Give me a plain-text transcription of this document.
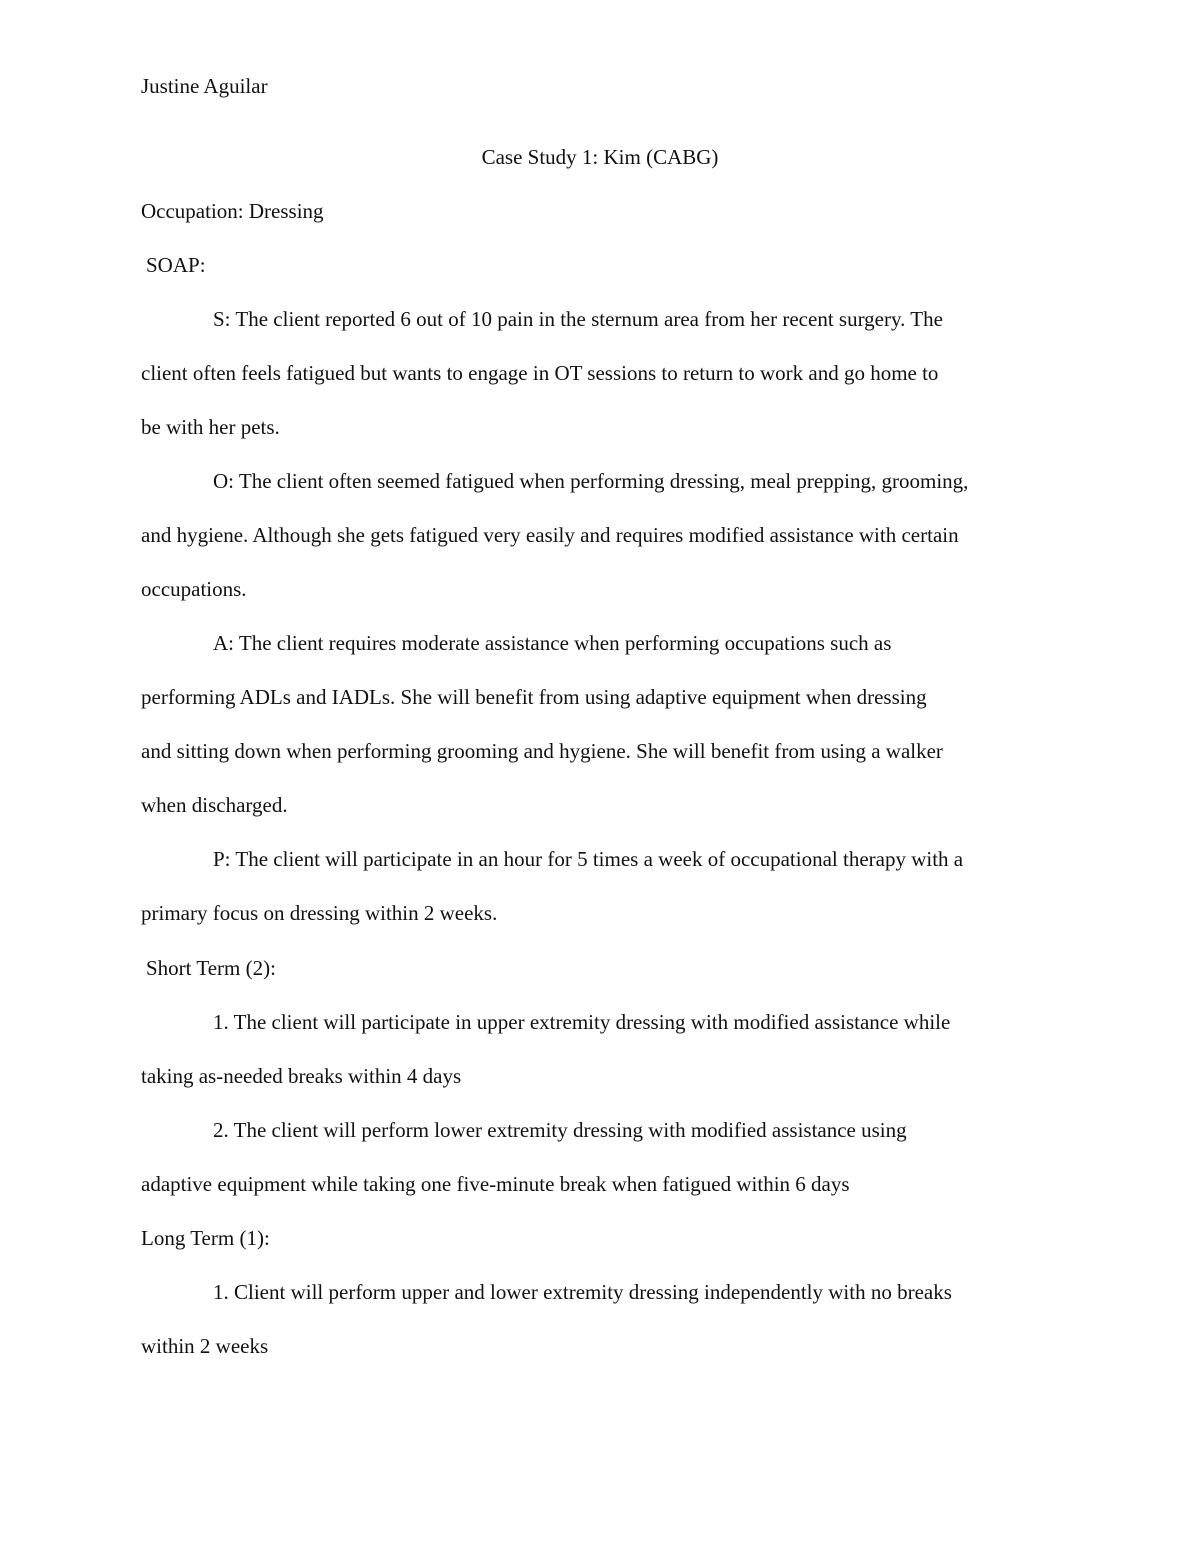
Justine Aguilar
Case Study 1: Kim (CABG)
Occupation: Dressing
SOAP:
S: The client reported 6 out of 10 pain in the sternum area from her recent surgery. The
client often feels fatigued but wants to engage in OT sessions to return to work and go home to
be with her pets.
O: The client often seemed fatigued when performing dressing, meal prepping, grooming,
and hygiene. Although she gets fatigued very easily and requires modified assistance with certain
occupations.
A: The client requires moderate assistance when performing occupations such as
performing ADLs and IADLs. She will benefit from using adaptive equipment when dressing
and sitting down when performing grooming and hygiene. She will benefit from using a walker
when discharged.
P: The client will participate in an hour for 5 times a week of occupational therapy with a
primary focus on dressing within 2 weeks.
Short Term (2):
1. The client will participate in upper extremity dressing with modified assistance while
taking as-needed breaks within 4 days
2. The client will perform lower extremity dressing with modified assistance using
adaptive equipment while taking one five-minute break when fatigued within 6 days
Long Term (1):
1. Client will perform upper and lower extremity dressing independently with no breaks
within 2 weeks
